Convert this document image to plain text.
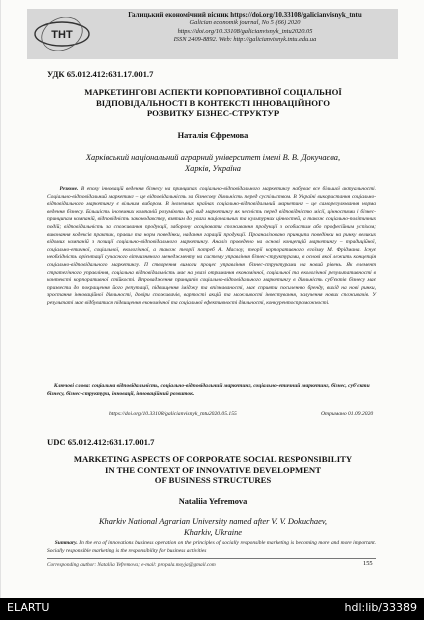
ТНТ
Галицький економічний вісник https://doi.org/10.33108/galicianvisnyk_tntu
Galician economik journal, No 5 (66) 2020
https://doi.org/10.33108/galicianvisnyk_tntu2020.05
ISSN 2409-8892. Web: http://galicianvisnyk.tntu.edu.ua
УДК 65.012.412:631.17.001.7
МАРКЕТИНГОВІ АСПЕКТИ КОРПОРАТИВНОЇ СОЦІАЛЬНОЇ
ВІДПОВІДАЛЬНОСТІ В КОНТЕКСТІ ІННОВАЦІЙНОГО
РОЗВИТКУ БІЗНЕС-СТРУКТУР
Наталія Єфремова
Харківський національний аграрний університет імені В. В. Докучаєва,
Харків, Україна
Резюме. В епоху інновацій ведення бізнесу на принципах соціально-відповідального маркетингу набуває все більшої актуальності. Соціально-відповідальний маркетинг – це відповідальність за бізнесову діяльність перед суспільством. В Україні використання соціально-відповідального маркетингу є вільним вибором. В іноземних країнах соціально-відповідальний маркетинг – це саморегулювання норма ведення бізнесу. Більшість іноземних компаній розуміють цей вид маркетингу як чесність перед відповідністю місії, цінностями і бізнес-принципам компаній, відповідність законодавству, взятим до уваги національних та культурних цінностей, а також соціально-політичних подій; відповідальність за споживання продукції, заборону асоціювати споживання продукції з особистим або професійним успіхом; виконання кодексів практик, правил та норм поведінки, надання гарацій продукції. Проаналізовано принципи поведінки на ринку великих відомих компаній з позиції соціально-відповідального маркетингу. Аналіз проведено на основі концепцій маркетингу – традиційної, соціально-етичної, соціальної, екологічної, а також теорії потреб А. Маслоу, теорії корпоративного егоїзму М. Фрідмана. Існує необхідність орієнтації сучасного вітчизняного менеджменту на систему управління бізнес-структурами, в основі якої лежить концепція соціально-відповідального маркетингу. П створення вимоги процес управління бізнес-структурами на новий рівень. Як елемент стратегічного управління, соціальна відповідальність має на увазі отримання економічної, соціальної та екологічної результативності в контексті корпоративної стійкості. Впровадження принципів соціально-відповідального маркетингу в діяльність суб'єктів бізнесу має призвести до покращення його репутації, підвищення іміджу та впізнаваності, має сприяти посиленню бренду, вихід на нові ринки, зростання інноваційної діяльності, довіри споживачів, вартості акцій та можливості інвестування, залучення нових споживачів. У результаті має відбуватися підвищення економічної та соціальної ефективності діяльності, конкурентоспроможності.
Ключові слова: соціальна відповідальність, соціально-відповідальний маркетинг, соціально-етичний маркетинг, бізнес, суб'єкти бізнесу, бізнес-структури, інновації, інноваційний розвиток.
https://doi.org/10.33108/galicianvisnyk_tntu2020.05.155	Отримано 01.09.2020
UDC 65.012.412:631.17.001.7
MARKETING ASPECTS OF CORPORATE SOCIAL RESPONSIBILITY
IN THE CONTEXT OF INNOVATIVE DEVELOPMENT
OF BUSINESS STRUCTURES
Nataliia Yefremova
Kharkiv National Agrarian University named after V. V. Dokuchaev,
Kharkiv, Ukraine
Summary. In the era of innovations business operation on the principles of socially responsible marketing is becoming more and more important. Socially responsible marketing is the responsibility for business activities
Corresponding author: Nataliia Yefremova; e-mail: propala.moyja@gmail.com	155
ELARTU	hdl:lib/33389
